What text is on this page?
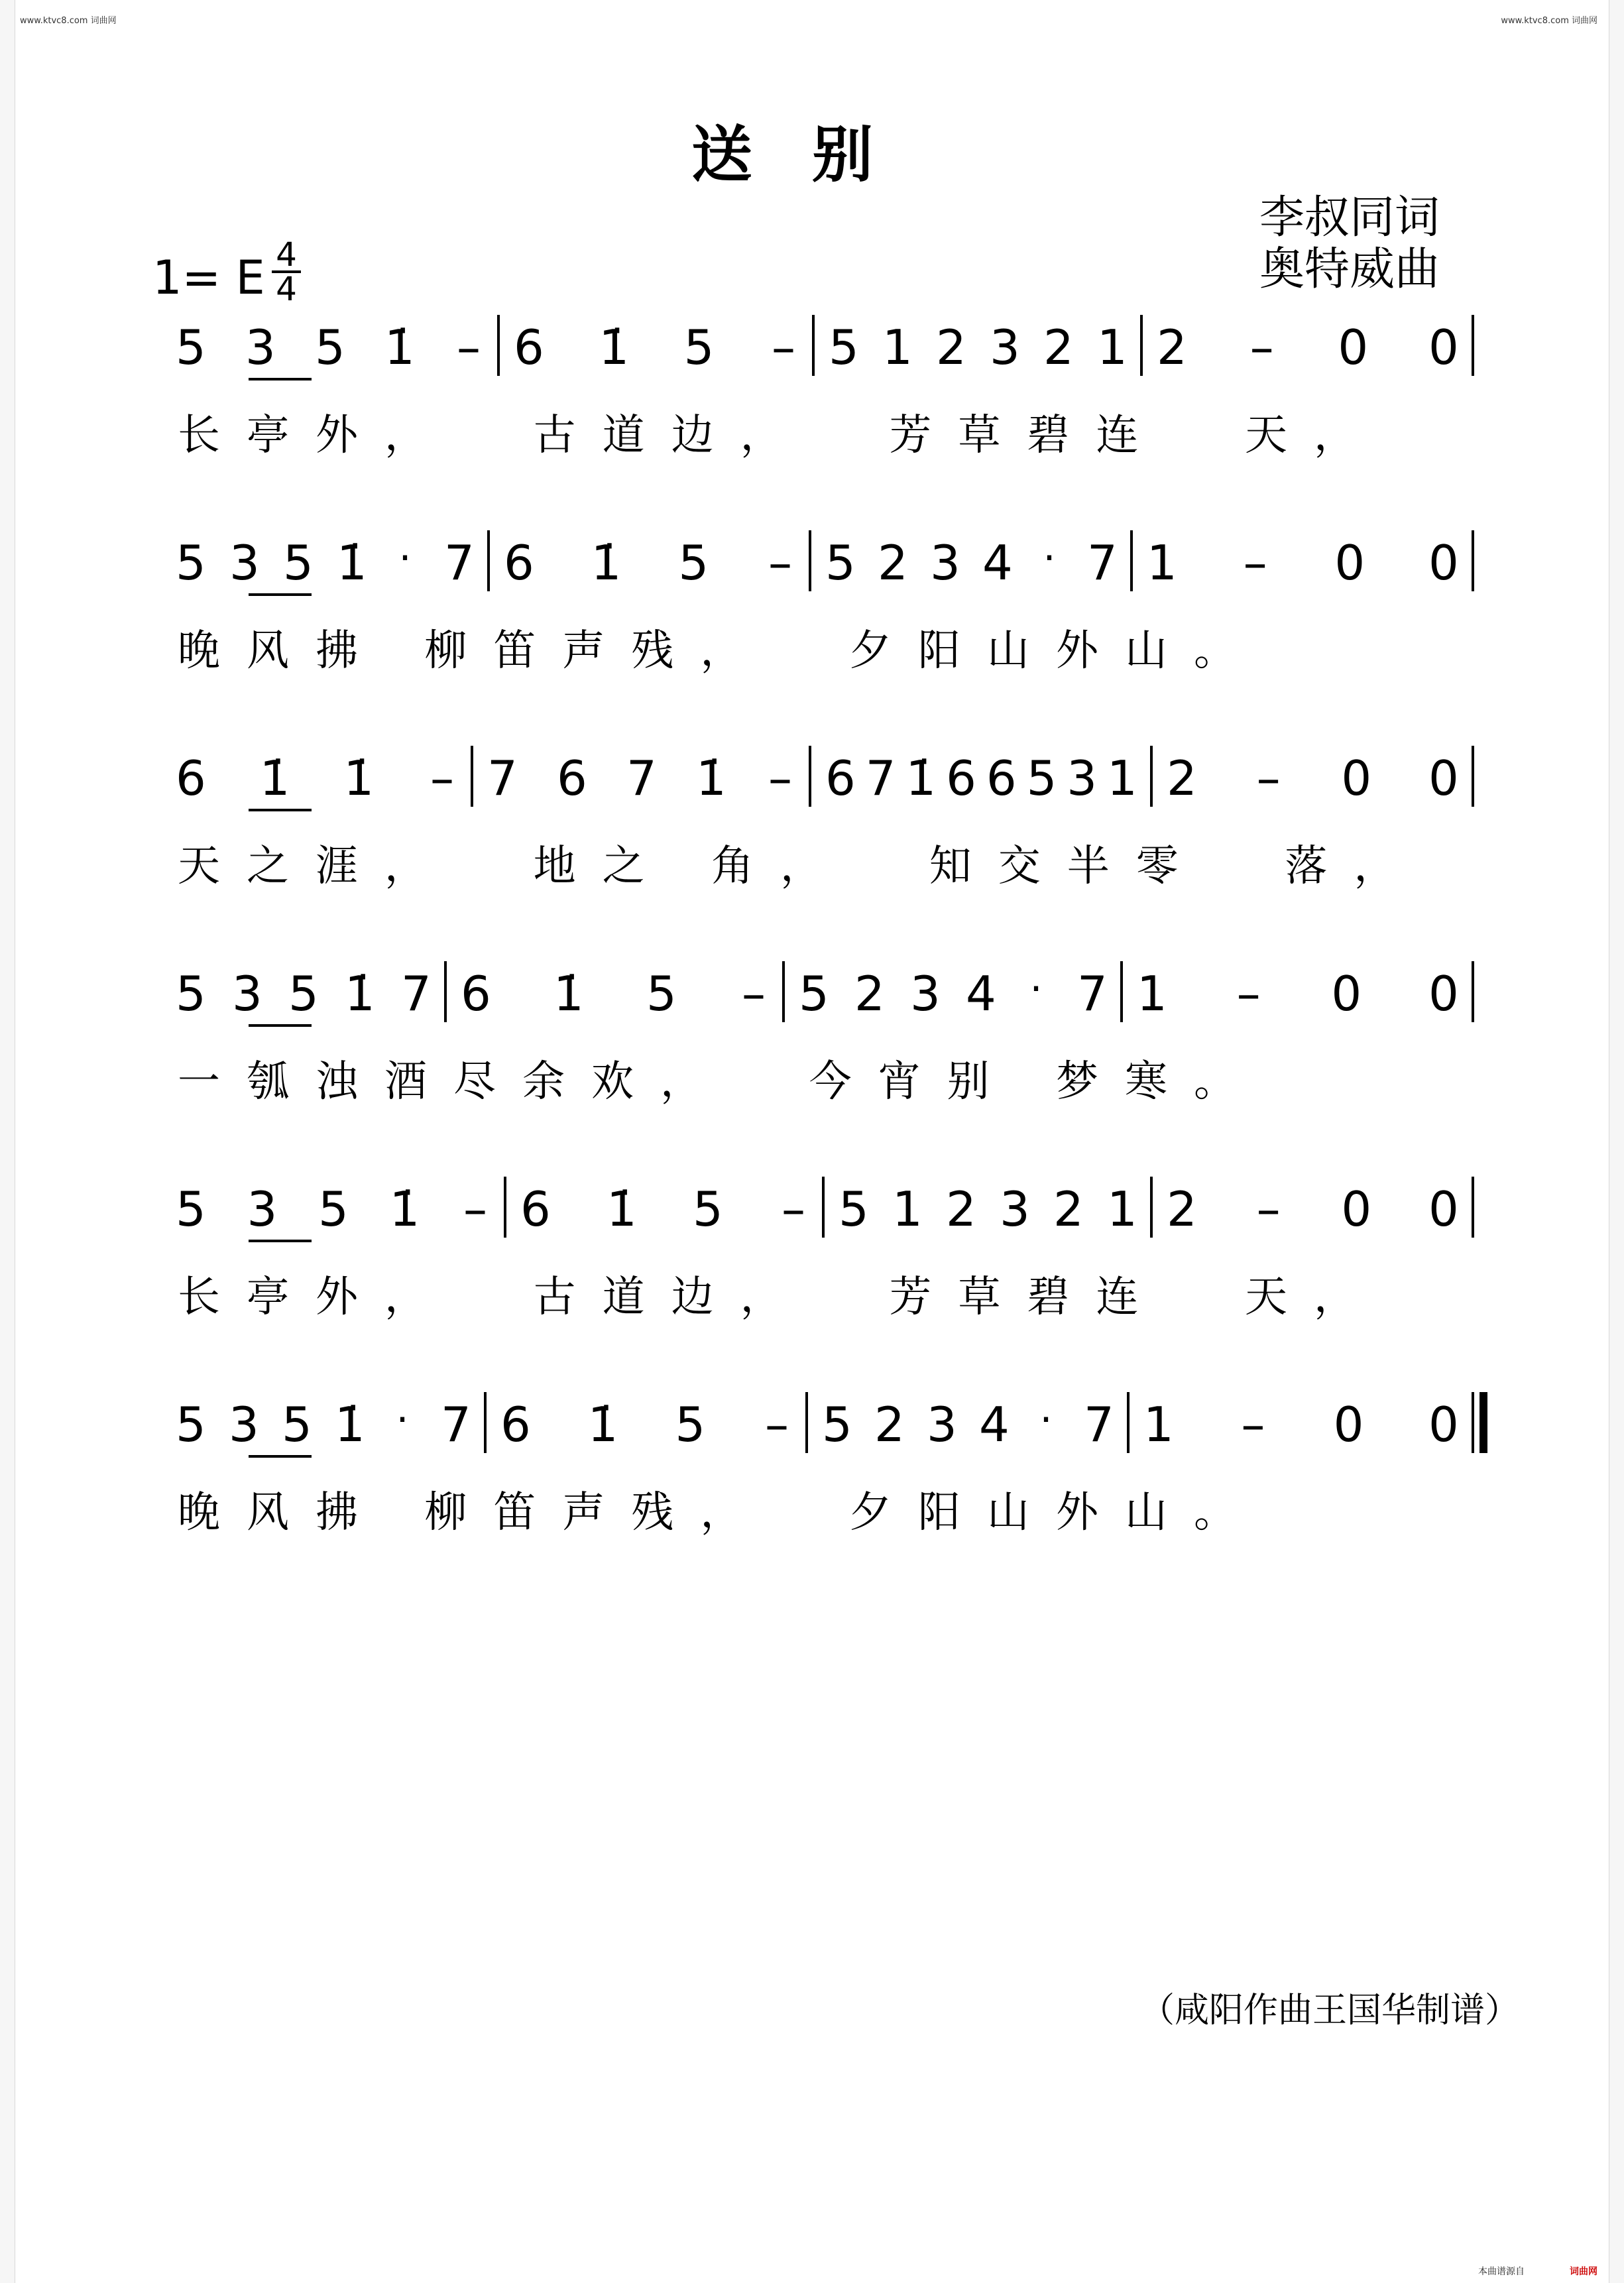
www.ktvc8.com 词曲网	www.ktvc8.com 词曲网
送别
李叔同词
奥特威曲
1= E 4
4
5 3 5 1̇ – 6 1̇ 5 – 5 1 2 3 2 1 2 – 0 0
长亭外，  古道边，  芳草碧连  天，
5 3 5 1̇ · 7 6 1̇ 5 – 5 2 3 4 · 7 1 – 0 0
晚风拂 柳笛声残，  夕阳山外山。
6 1̇ 1̇ – 7 6 7 1̇ – 6 7 1̇ 6 6 5 3 1 2 – 0 0
天之涯，  地之 角，  知交半零  落，
5 3 5 1̇ 7 6 1̇ 5 – 5 2 3 4 · 7 1 – 0 0
一瓠浊酒尽余欢，  今宵别 梦寒。
5 3 5 1̇ – 6 1̇ 5 – 5 1 2 3 2 1 2 – 0 0
长亭外，  古道边，  芳草碧连  天，
5 3 5 1̇ · 7 6 1̇ 5 – 5 2 3 4 · 7 1 – 0 0
晚风拂 柳笛声残，  夕阳山外山。
（咸阳作曲王国华制谱）
本曲谱源自	词曲网
